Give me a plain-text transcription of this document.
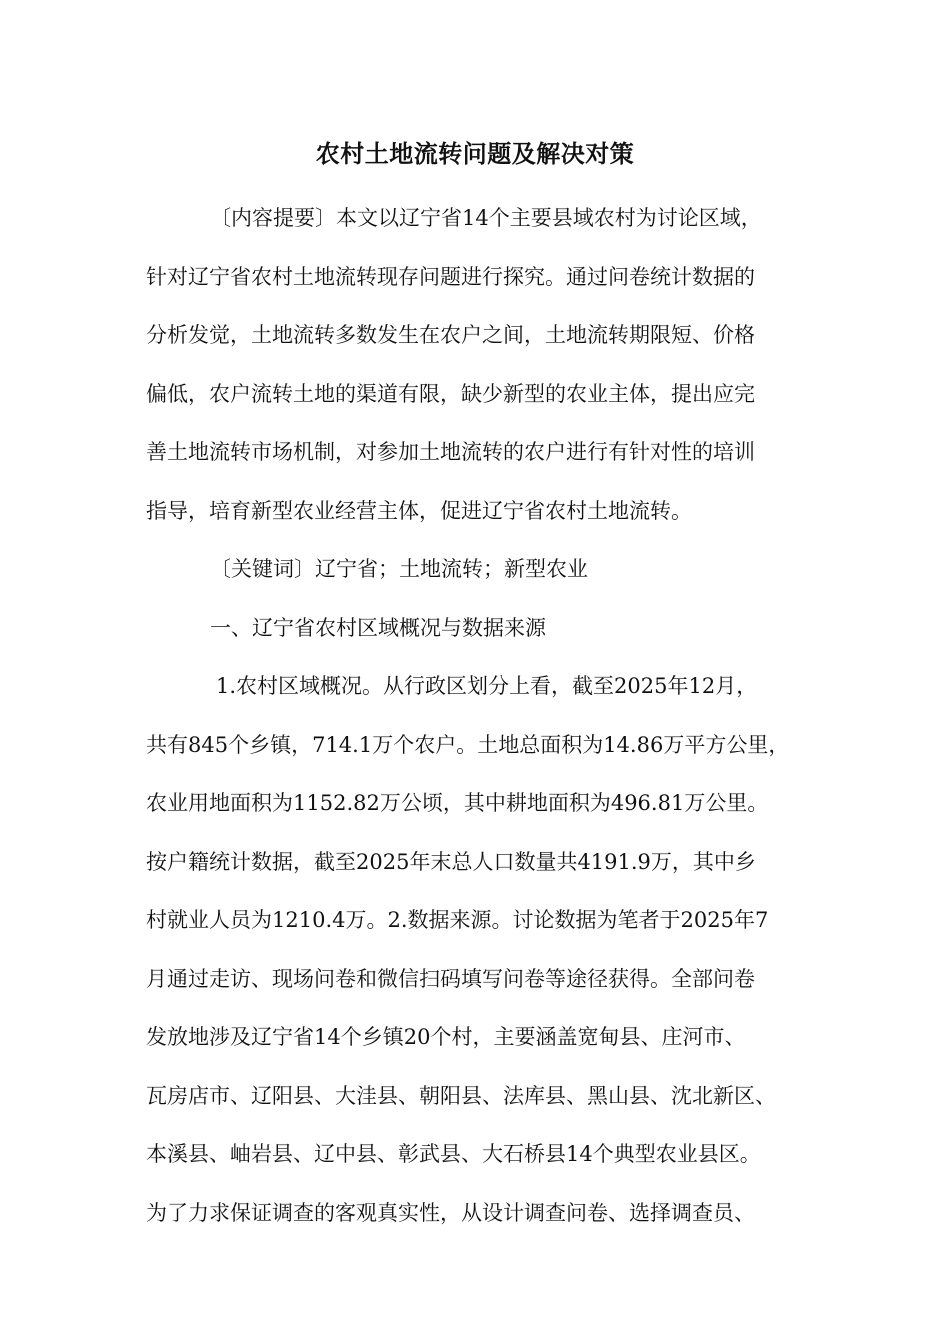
农村土地流转问题及解决对策

〔内容提要〕本文以辽宁省14个主要县域农村为讨论区域，

针对辽宁省农村土地流转现存问题进行探究。通过问卷统计数据的

分析发觉，土地流转多数发生在农户之间，土地流转期限短、价格

偏低，农户流转土地的渠道有限，缺少新型的农业主体，提出应完

善土地流转市场机制，对参加土地流转的农户进行有针对性的培训

指导，培育新型农业经营主体，促进辽宁省农村土地流转。

〔关键词〕辽宁省；土地流转；新型农业

一、辽宁省农村区域概况与数据来源

1.农村区域概况。从行政区划分上看，截至2025年12月，

共有845个乡镇，714.1万个农户。土地总面积为14.86万平方公里，

农业用地面积为1152.82万公顷，其中耕地面积为496.81万公里。

按户籍统计数据，截至2025年末总人口数量共4191.9万，其中乡

村就业人员为1210.4万。2.数据来源。讨论数据为笔者于2025年7

月通过走访、现场问卷和微信扫码填写问卷等途径获得。全部问卷

发放地涉及辽宁省14个乡镇20个村，主要涵盖宽甸县、庄河市、

瓦房店市、辽阳县、大洼县、朝阳县、法库县、黑山县、沈北新区、

本溪县、岫岩县、辽中县、彰武县、大石桥县14个典型农业县区。

为了力求保证调查的客观真实性，从设计调查问卷、选择调查员、
